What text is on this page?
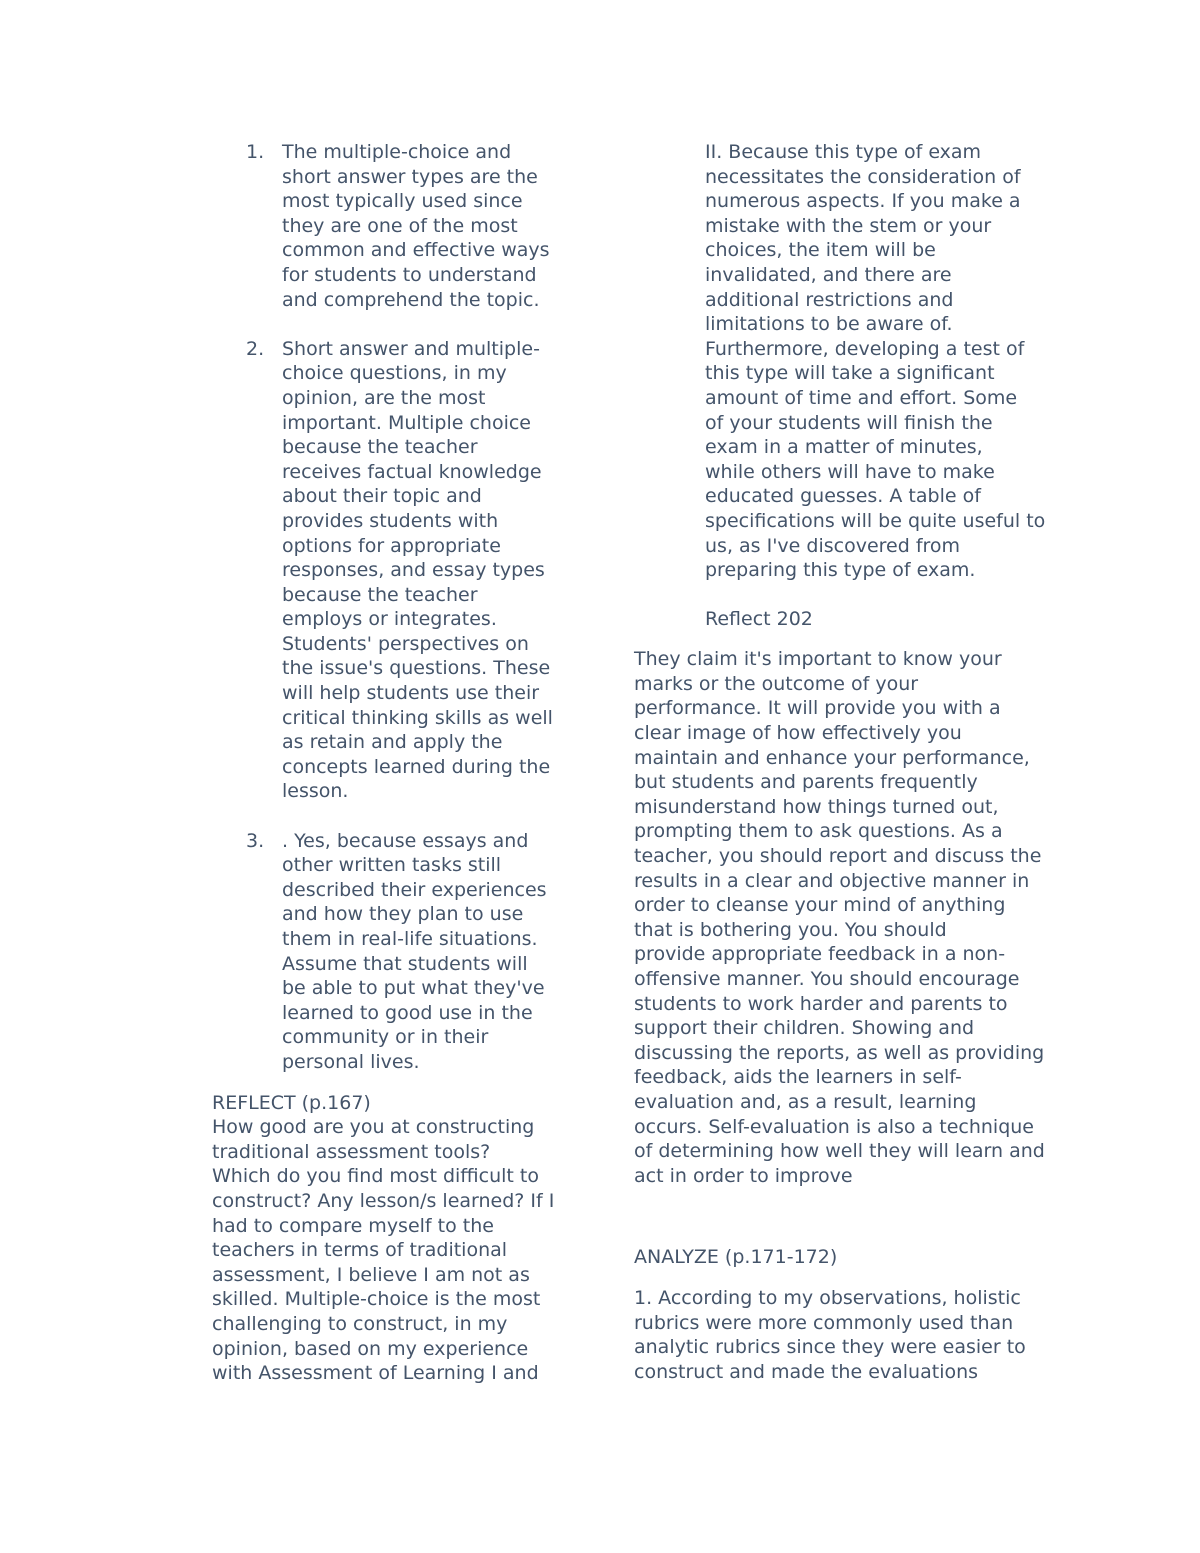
1. The multiple-choice and
short answer types are the
most typically used since
they are one of the most
common and effective ways
for students to understand
and comprehend the topic.
2. Short answer and multiple-
choice questions, in my
opinion, are the most
important. Multiple choice
because the teacher
receives factual knowledge
about their topic and
provides students with
options for appropriate
responses, and essay types
because the teacher
employs or integrates.
Students' perspectives on
the issue's questions. These
will help students use their
critical thinking skills as well
as retain and apply the
concepts learned during the
lesson.
3. . Yes, because essays and
other written tasks still
described their experiences
and how they plan to use
them in real-life situations.
Assume that students will
be able to put what they've
learned to good use in the
community or in their
personal lives.
REFLECT (p.167)
How good are you at constructing
traditional assessment tools?
Which do you find most difficult to
construct? Any lesson/s learned? If I
had to compare myself to the
teachers in terms of traditional
assessment, I believe I am not as
skilled. Multiple-choice is the most
challenging to construct, in my
opinion, based on my experience
with Assessment of Learning I and
II. Because this type of exam
necessitates the consideration of
numerous aspects. If you make a
mistake with the stem or your
choices, the item will be
invalidated, and there are
additional restrictions and
limitations to be aware of.
Furthermore, developing a test of
this type will take a significant
amount of time and effort. Some
of your students will finish the
exam in a matter of minutes,
while others will have to make
educated guesses. A table of
specifications will be quite useful to
us, as I've discovered from
preparing this type of exam.
Reflect 202
They claim it's important to know your
marks or the outcome of your
performance. It will provide you with a
clear image of how effectively you
maintain and enhance your performance,
but students and parents frequently
misunderstand how things turned out,
prompting them to ask questions. As a
teacher, you should report and discuss the
results in a clear and objective manner in
order to cleanse your mind of anything
that is bothering you. You should
provide appropriate feedback in a non-
offensive manner. You should encourage
students to work harder and parents to
support their children. Showing and
discussing the reports, as well as providing
feedback, aids the learners in self-
evaluation and, as a result, learning
occurs. Self-evaluation is also a technique
of determining how well they will learn and
act in order to improve
ANALYZE (p.171-172)
1. According to my observations, holistic
rubrics were more commonly used than
analytic rubrics since they were easier to
construct and made the evaluations
